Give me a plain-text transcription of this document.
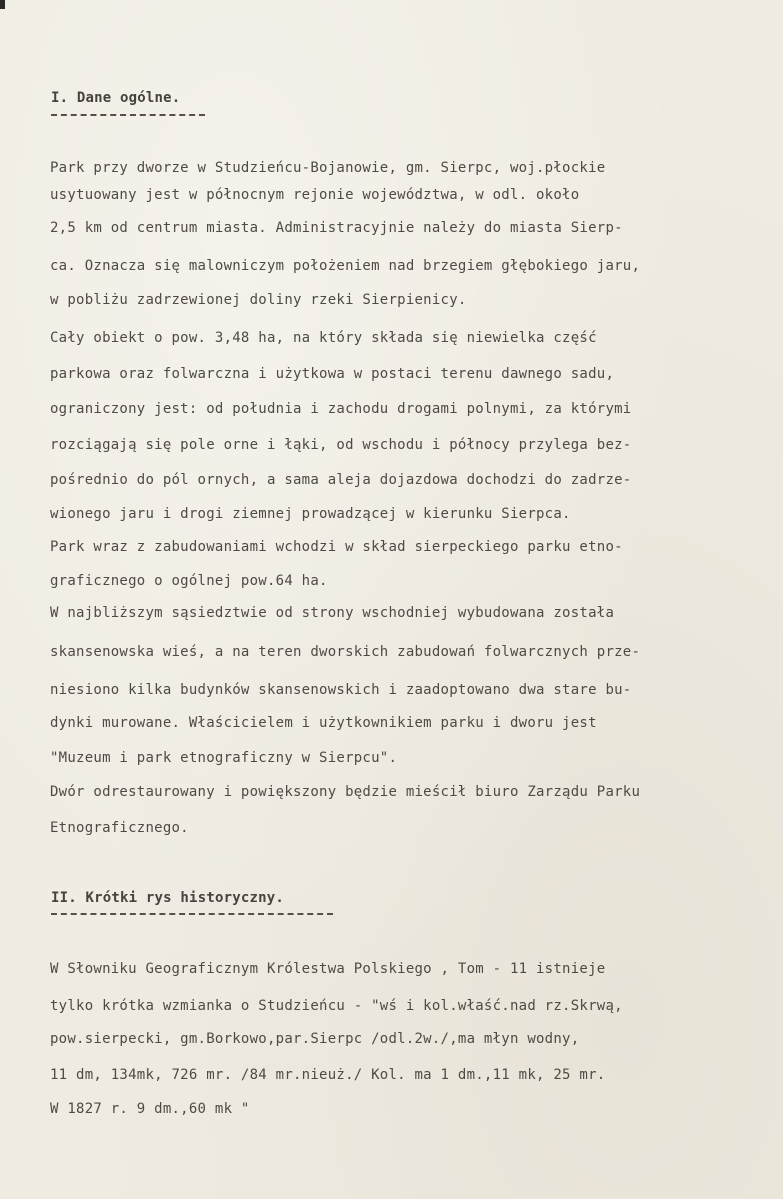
I. Dane ogólne.
Park przy dworze w Studzieńcu-Bojanowie, gm. Sierpc, woj.płockie
usytuowany jest w północnym rejonie województwa, w odl. około
2,5 km od centrum miasta. Administracyjnie należy do miasta Sierp-
ca. Oznacza się malowniczym położeniem nad brzegiem głębokiego jaru,
w pobliżu zadrzewionej doliny rzeki Sierpienicy.
Cały obiekt o pow. 3,48 ha, na który składa się niewielka część
parkowa oraz folwarczna i użytkowa w postaci terenu dawnego sadu,
ograniczony jest: od południa i zachodu drogami polnymi, za którymi
rozciągają się pole orne i łąki, od wschodu i północy przylega bez-
pośrednio do pól ornych, a sama aleja dojazdowa dochodzi do zadrze-
wionego jaru i drogi ziemnej prowadzącej w kierunku Sierpca.
Park wraz z zabudowaniami wchodzi w skład sierpeckiego parku etno-
graficznego o ogólnej pow.64 ha.
W najbliższym sąsiedztwie od strony wschodniej wybudowana została
skansenowska wieś, a na teren dworskich zabudowań folwarcznych prze-
niesiono kilka budynków skansenowskich i zaadoptowano dwa stare bu-
dynki murowane. Właścicielem i użytkownikiem parku i dworu jest
"Muzeum i park etnograficzny w Sierpcu".
Dwór odrestaurowany i powiększony będzie mieścił biuro Zarządu Parku
Etnograficznego.
II. Krótki rys historyczny.
W Słowniku Geograficznym Królestwa Polskiego , Tom - 11 istnieje
tylko krótka wzmianka o Studzieńcu - "wś i kol.właść.nad rz.Skrwą,
pow.sierpecki, gm.Borkowo,par.Sierpc /odl.2w./,ma młyn wodny,
11 dm, 134mk, 726 mr. /84 mr.nieuż./ Kol. ma 1 dm.,11 mk, 25 mr.
W 1827 r. 9 dm.,60 mk "
